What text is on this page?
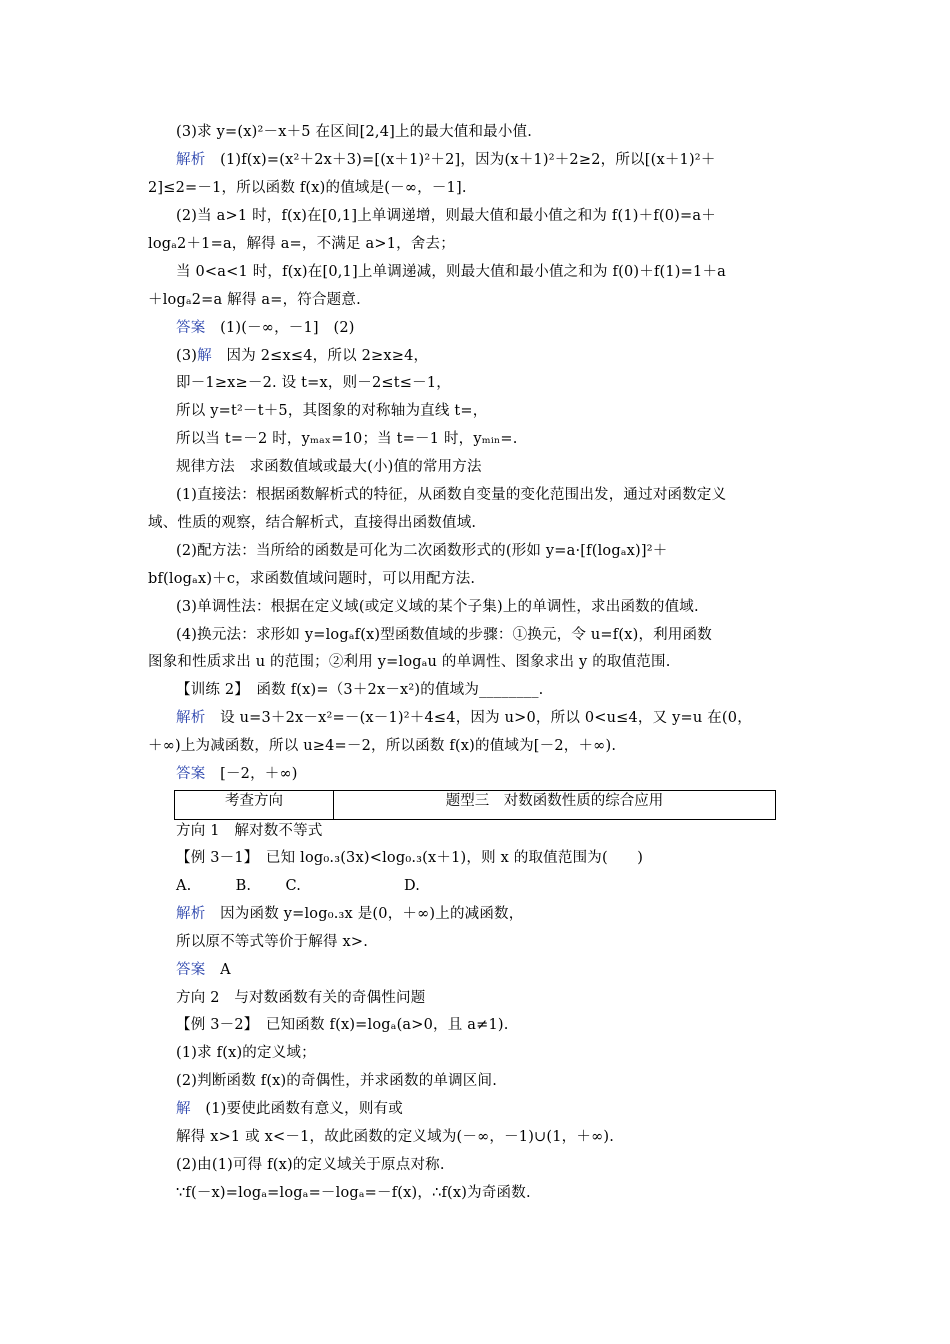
(3)求 y=(x)²－x＋5 在区间[2,4]上的最大值和最小值.
解析　(1)f(x)=(x²＋2x＋3)=[(x＋1)²＋2]，因为(x＋1)²＋2≥2，所以[(x＋1)²＋
2]≤2=－1，所以函数 f(x)的值域是(－∞，－1].
(2)当 a>1 时，f(x)在[0,1]上单调递增，则最大值和最小值之和为 f(1)＋f(0)=a＋
logₐ2＋1=a，解得 a=，不满足 a>1，舍去；
当 0<a<1 时，f(x)在[0,1]上单调递减，则最大值和最小值之和为 f(0)＋f(1)=1＋a
＋logₐ2=a 解得 a=，符合题意.
答案　(1)(－∞，－1]　(2)
(3)解　因为 2≤x≤4，所以 2≥x≥4，
即－1≥x≥－2. 设 t=x，则－2≤t≤－1，
所以 y=t²－t＋5，其图象的对称轴为直线 t=，
所以当 t=－2 时，yₘₐₓ=10；当 t=－1 时，yₘᵢₙ=.
规律方法　求函数值域或最大(小)值的常用方法
(1)直接法：根据函数解析式的特征，从函数自变量的变化范围出发，通过对函数定义
域、性质的观察，结合解析式，直接得出函数值域.
(2)配方法：当所给的函数是可化为二次函数形式的(形如 y=a·[f(logₐx)]²＋
bf(logₐx)＋c，求函数值域问题时，可以用配方法.
(3)单调性法：根据在定义域(或定义域的某个子集)上的单调性，求出函数的值域.
(4)换元法：求形如 y=logₐf(x)型函数值域的步骤：①换元，令 u=f(x)，利用函数
图象和性质求出 u 的范围；②利用 y=logₐu 的单调性、图象求出 y 的取值范围.
【训练 2】　函数 f(x)=（3＋2x－x²)的值域为________.
解析　设 u=3＋2x－x²=－(x－1)²＋4≤4，因为 u>0，所以 0<u≤4，又 y=u 在(0，
＋∞)上为减函数，所以 u≥4=－2，所以函数 f(x)的值域为[－2，＋∞).
答案　[－2，＋∞)
考查方向	题型三　对数函数性质的综合应用
方向 1　解对数不等式
【例 3－1】　已知 log₀.₃(3x)<log₀.₃(x＋1)，则 x 的取值范围为(　　)
A.　　　B.　　 C.　　　　　　　D.
解析　因为函数 y=log₀.₃x 是(0，＋∞)上的减函数，
所以原不等式等价于解得 x>.
答案　A
方向 2　与对数函数有关的奇偶性问题
【例 3－2】　已知函数 f(x)=logₐ(a>0，且 a≠1).
(1)求 f(x)的定义域；
(2)判断函数 f(x)的奇偶性，并求函数的单调区间.
解　(1)要使此函数有意义，则有或
解得 x>1 或 x<－1，故此函数的定义域为(－∞，－1)∪(1，＋∞).
(2)由(1)可得 f(x)的定义域关于原点对称.
∵f(－x)=logₐ=logₐ=－logₐ=－f(x)，∴f(x)为奇函数.
